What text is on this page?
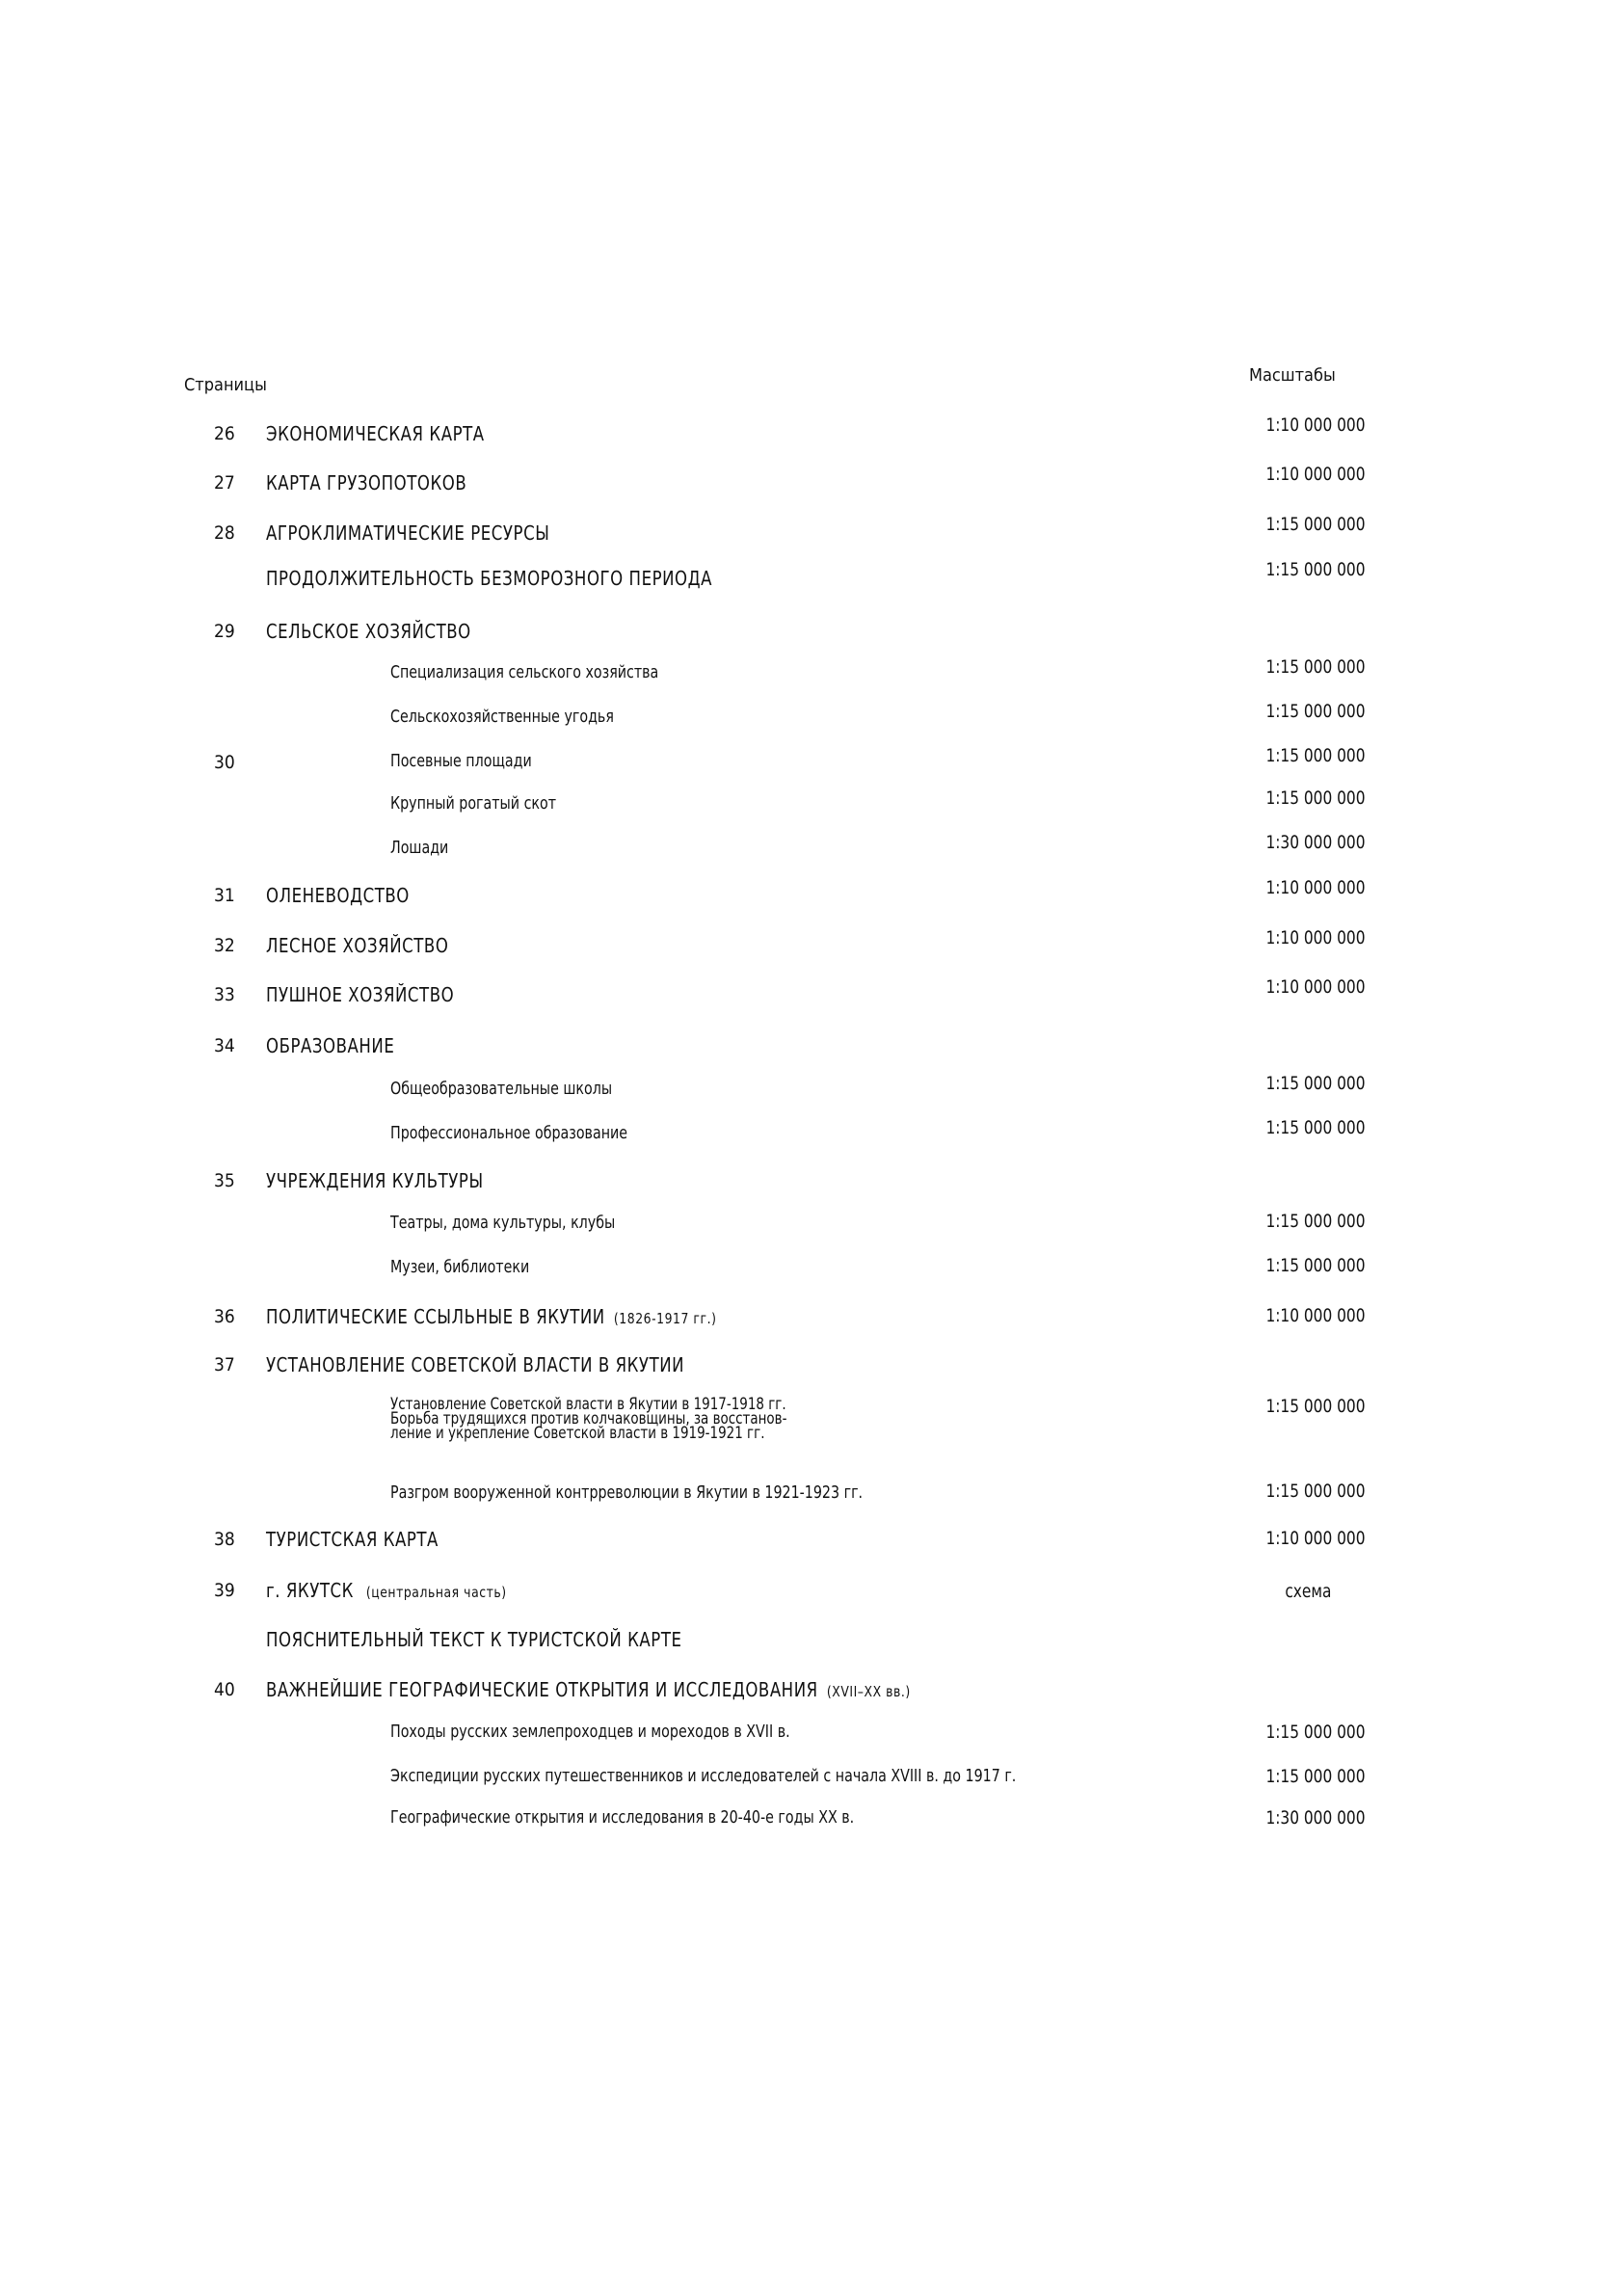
Страницы	Масштабы
26	ЭКОНОМИЧЕСКАЯ КАРТА	1:10 000 000
27	КАРТА ГРУЗОПОТОКОВ	1:10 000 000
28	АГРОКЛИМАТИЧЕСКИЕ РЕСУРСЫ	1:15 000 000
ПРОДОЛЖИТЕЛЬНОСТЬ БЕЗМОРОЗНОГО ПЕРИОДА	1:15 000 000
29	СЕЛЬСКОЕ ХОЗЯЙСТВО
Специализация сельского хозяйства	1:15 000 000
Сельскохозяйственные угодья	1:15 000 000
30	Посевные площади	1:15 000 000
Крупный рогатый скот	1:15 000 000
Лошади	1:30 000 000
31	ОЛЕНЕВОДСТВО	1:10 000 000
32	ЛЕСНОЕ ХОЗЯЙСТВО	1:10 000 000
33	ПУШНОЕ ХОЗЯЙСТВО	1:10 000 000
34	ОБРАЗОВАНИЕ
Общеобразовательные школы	1:15 000 000
Профессиональное образование	1:15 000 000
35	УЧРЕЖДЕНИЯ КУЛЬТУРЫ
Театры, дома культуры, клубы	1:15 000 000
Музеи, библиотеки	1:15 000 000
36	ПОЛИТИЧЕСКИЕ ССЫЛЬНЫЕ В ЯКУТИИ (1826-1917 гг.)	1:10 000 000
37	УСТАНОВЛЕНИЕ СОВЕТСКОЙ ВЛАСТИ В ЯКУТИИ
Установление Советской власти в Якутии в 1917-1918 гг.
Борьба трудящихся против колчаковщины, за восстанов-
ление и укрепление Советской власти в 1919-1921 гг.
1:15 000 000
Разгром вооруженной контрреволюции в Якутии в 1921-1923 гг.	1:15 000 000
38	ТУРИСТСКАЯ КАРТА	1:10 000 000
39	г. ЯКУТСК (центральная часть)	схема
ПОЯСНИТЕЛЬНЫЙ ТЕКСТ К ТУРИСТСКОЙ КАРТЕ
40	ВАЖНЕЙШИЕ ГЕОГРАФИЧЕСКИЕ ОТКРЫТИЯ И ИССЛЕДОВАНИЯ (XVII–XX вв.)
Походы русских землепроходцев и мореходов в XVII в.	1:15 000 000
Экспедиции русских путешественников и исследователей с начала XVIII в. до 1917 г.	1:15 000 000
Географические открытия и исследования в 20-40-е годы XX в.	1:30 000 000
